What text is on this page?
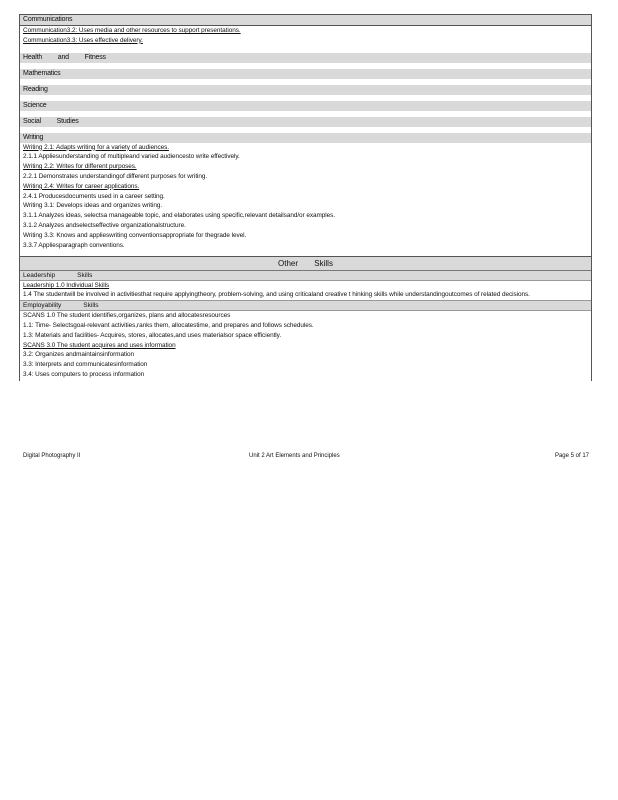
Communications
Communication3.2: Uses media and other resources to support presentations.
Communication3.3: Uses effective delivery.
Health and Fitness
Mathematics
Reading
Science
Social Studies
Writing
Writing 2.1: Adapts writing for a variety of audiences.
2.1.1 Appliesunderstanding of multipleand varied audiencesto write effectively.
Writing 2.2: Writes for different purposes.
2.2.1 Demonstrates understandingof different purposes for writing.
Writing 2.4: Writes for career applications.
2.4.1 Producesdocuments used in a career setting.
Writing 3.1: Develops ideas and organizes writing.
3.1.1 Analyzes ideas, selectsa manageable topic, and elaborates using specific,relevant detailsand/or examples.
3.1.2 Analyzes andselectseffective organizationalstructure.
Writing 3.3: Knows and applieswriting conventionsappropriate for thegrade level.
3.3.7 Appliesparagraph conventions.
Other Skills
Leadership	Skills
Leadership 1.0 Individual Skills
1.4 The studentwill be involved in activitiesthat require applyingtheory, problem-solving, and using criticaland creative t hinking skills while understandingoutcomes of related decisions.
Employability	Skills
SCANS 1.0 The student identifies,organizes, plans and allocatesresources
1.1: Time- Selectsgoal-relevant activities,ranks them, allocatestime, and prepares and follows schedules.
1.3: Materials and facilities- Acquires, stores, allocates,and uses materialsor space efficiently.
SCANS 3.0 The student acquires and uses information
3.2: Organizes andmaintainsinformation
3.3: Interprets and communicatesinformation
3.4: Uses computers to process information
Digital Photography II	Unit 2 Art Elements and Principles	Page 5 of 17
